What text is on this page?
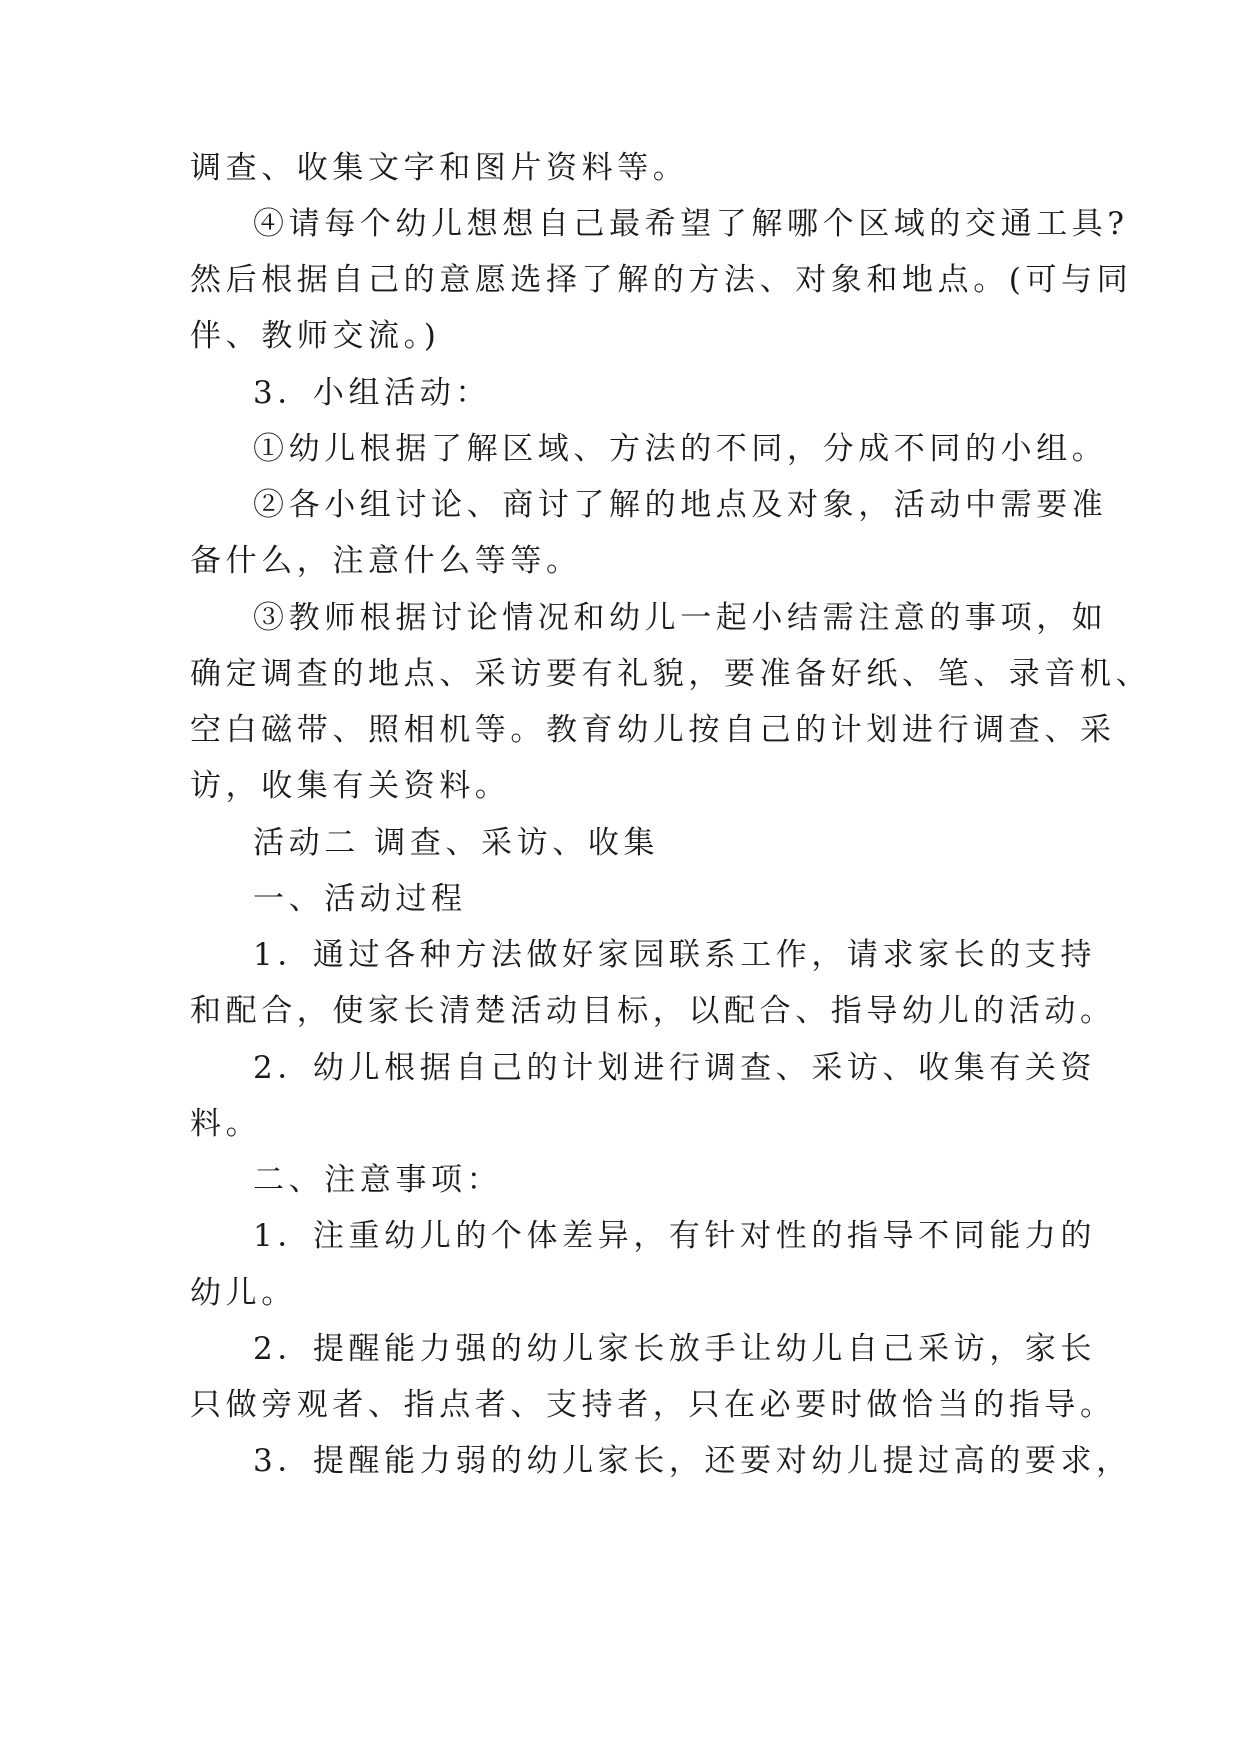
调查、收集文字和图片资料等。
④请每个幼儿想想自己最希望了解哪个区域的交通工具?
然后根据自己的意愿选择了解的方法、对象和地点。(可与同
伴、教师交流。)
3．小组活动：
①幼儿根据了解区域、方法的不同，分成不同的小组。
②各小组讨论、商讨了解的地点及对象，活动中需要准
备什么，注意什么等等。
③教师根据讨论情况和幼儿一起小结需注意的事项，如
确定调查的地点、采访要有礼貌，要准备好纸、笔、录音机、
空白磁带、照相机等。教育幼儿按自己的计划进行调查、采
访，收集有关资料。
活动二 调查、采访、收集
一、活动过程
1．通过各种方法做好家园联系工作，请求家长的支持
和配合，使家长清楚活动目标，以配合、指导幼儿的活动。
2．幼儿根据自己的计划进行调查、采访、收集有关资
料。
二、注意事项：
1．注重幼儿的个体差异，有针对性的指导不同能力的
幼儿。
2．提醒能力强的幼儿家长放手让幼儿自己采访，家长
只做旁观者、指点者、支持者，只在必要时做恰当的指导。
3．提醒能力弱的幼儿家长，还要对幼儿提过高的要求，
